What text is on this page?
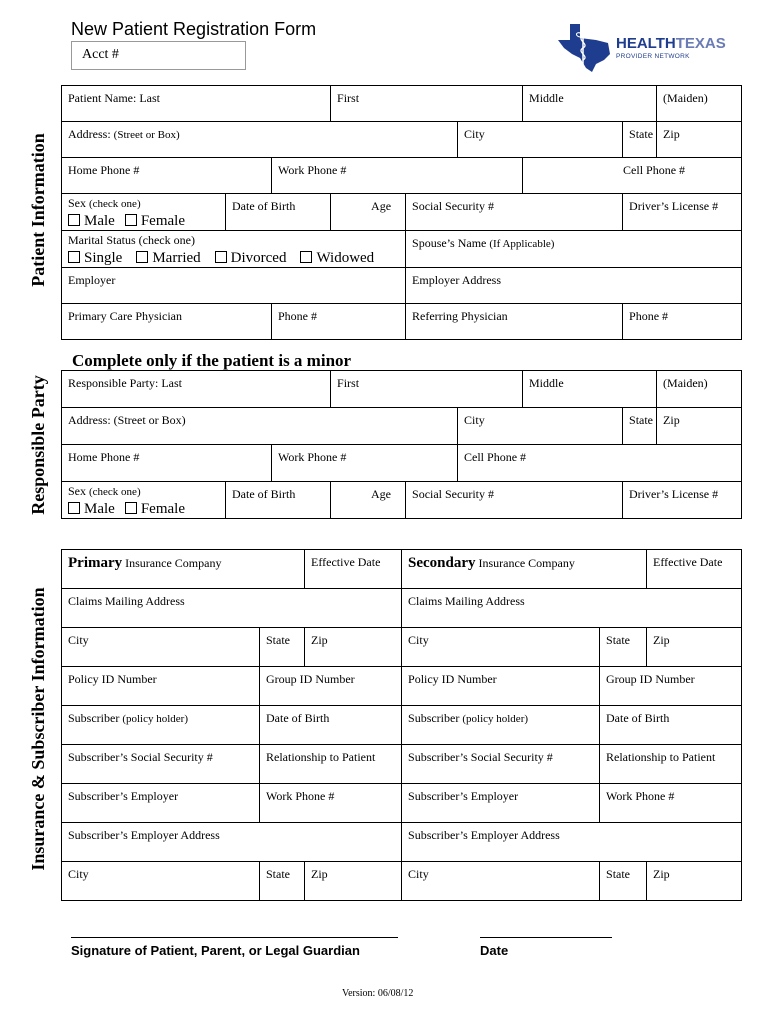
New Patient Registration Form
Acct #
HEALTHTEXAS
PROVIDER NETWORK
Patient Information
Responsible Party
Insurance & Subscriber Information
Patient Name: Last			First			Middle		(Maiden)
Address: (Street or Box)					City		State	Zip
Home Phone #		Work Phone #				Cell Phone #		

Sex (check one)
Male Female	Date of Birth		Age	Social Security #			Driver’s License #	

Marital Status (check one)
Single Married Divorced Widowed				Spouse’s Name (If Applicable)				
Employer				Employer Address				
Primary Care Physician		Phone #		Referring Physician			Phone #	
Complete only if the patient is a minor
Responsible Party: Last			First			Middle		(Maiden)
Address: (Street or Box)					City		State	Zip
Home Phone #		Work Phone #			Cell Phone #			

Sex (check one)
Male Female	Date of Birth		Age	Social Security #			Driver’s License #	
Primary Insurance Company		Effective Date	Secondary Insurance Company		Effective Date
Claims Mailing Address			Claims Mailing Address		
City	State	Zip	City	State	Zip
Policy ID Number	Group ID Number		Policy ID Number	Group ID Number	
Subscriber (policy holder)	Date of Birth		Subscriber (policy holder)	Date of Birth	
Subscriber’s Social Security #	Relationship to Patient		Subscriber’s Social Security #	Relationship to Patient	
Subscriber’s Employer	Work Phone #		Subscriber’s Employer	Work Phone #	
Subscriber’s Employer Address			Subscriber’s Employer Address		
City	State	Zip	City	State	Zip
Signature of Patient, Parent, or Legal Guardian	Date
Version: 06/08/12
